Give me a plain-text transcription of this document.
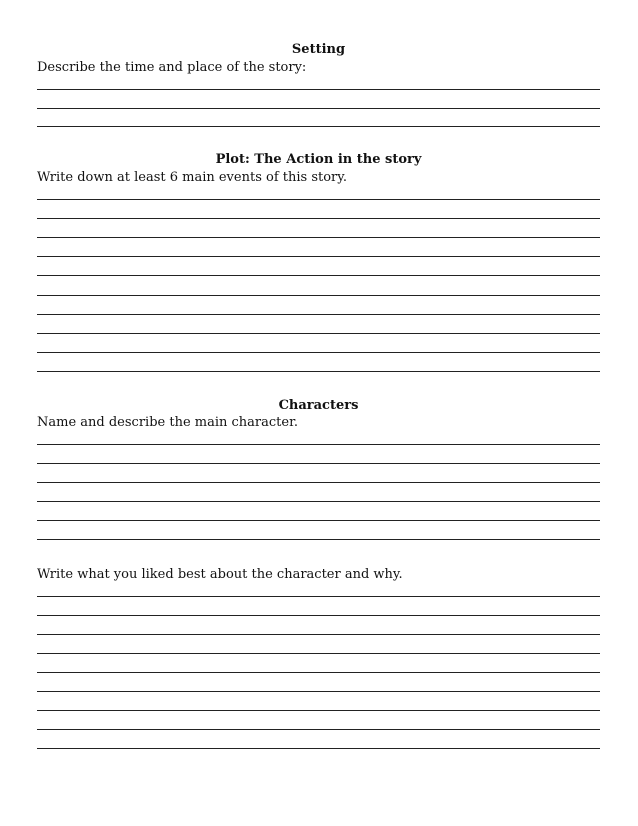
Setting

Describe the time and place of the story:

Plot: The Action in the story

Write down at least 6 main events of this story.

Characters

Name and describe the main character.

Write what you liked best about the character and why.
